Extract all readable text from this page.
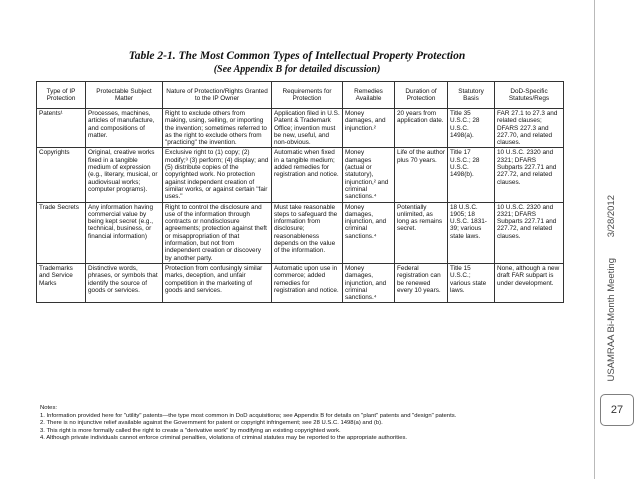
Table 2-1. The Most Common Types of Intellectual Property Protection
(See Appendix B for detailed discussion)
Type of IP Protection	Protectable Subject Matter	Nature of Protection/Rights Granted to the IP Owner	Requirements for Protection	Remedies Available	Duration of Protection	Statutory Basis	DoD-Specific Statutes/Regs
Patents¹	Processes, machines, articles of manufacture, and compositions of matter.	Right to exclude others from making, using, selling, or importing the invention; sometimes referred to as the right to exclude others from "practicing" the invention.	Application filed in U.S. Patent & Trademark Office; invention must be new, useful, and non-obvious.	Money damages, and injunction.²	20 years from application date.	Title 35 U.S.C.; 28 U.S.C. 1498(a).	FAR 27.1 to 27.3 and related clauses; DFARS 227.3 and 227.70, and related clauses.
Copyrights	Original, creative works fixed in a tangible medium of expression (e.g., literary, musical, or audiovisual works; computer programs).	Exclusive right to (1) copy; (2) modify;³ (3) perform; (4) display; and (5) distribute copies of the copyrighted work. No protection against independent creation of similar works, or against certain "fair uses."	Automatic when fixed in a tangible medium; added remedies for registration and notice.	Money damages (actual or statutory), injunction,² and criminal sanctions.⁴	Life of the author plus 70 years.	Title 17 U.S.C.; 28 U.S.C. 1498(b).	10 U.S.C. 2320 and 2321; DFARS Subparts 227.71 and 227.72, and related clauses.
Trade Secrets	Any information having commercial value by being kept secret (e.g., technical, business, or financial information)	Right to control the disclosure and use of the information through contracts or nondisclosure agreements; protection against theft or misappropriation of that information, but not from independent creation or discovery by another party.	Must take reasonable steps to safeguard the information from disclosure; reasonableness depends on the value of the information.	Money damages, injunction, and criminal sanctions.⁴	Potentially unlimited, as long as remains secret.	18 U.S.C. 1905; 18 U.S.C. 1831-39; various state laws.	10 U.S.C. 2320 and 2321; DFARS Subparts 227.71 and 227.72, and related clauses.
Trademarks and Service Marks	Distinctive words, phrases, or symbols that identify the source of goods or services.	Protection from confusingly similar marks, deception, and unfair competition in the marketing of goods and services.	Automatic upon use in commerce; added remedies for registration and notice.	Money damages, injunction, and criminal sanctions.⁴	Federal registration can be renewed every 10 years.	Title 15 U.S.C.; various state laws.	None, although a new draft FAR subpart is under development.
Notes:
1. Information provided here for "utility" patents—the type most common in DoD acquisitions; see Appendix B for details on "plant" patents and "design" patents.
2. There is no injunctive relief available against the Government for patent or copyright infringement; see 28 U.S.C. 1498(a) and (b).
3. This right is more formally called the right to create a "derivative work" by modifying an existing copyrighted work.
4. Although private individuals cannot enforce criminal penalties, violations of criminal statutes may be reported to the appropriate authorities.
3/28/2012
USAMRAA Bi-Month Meeting
27
